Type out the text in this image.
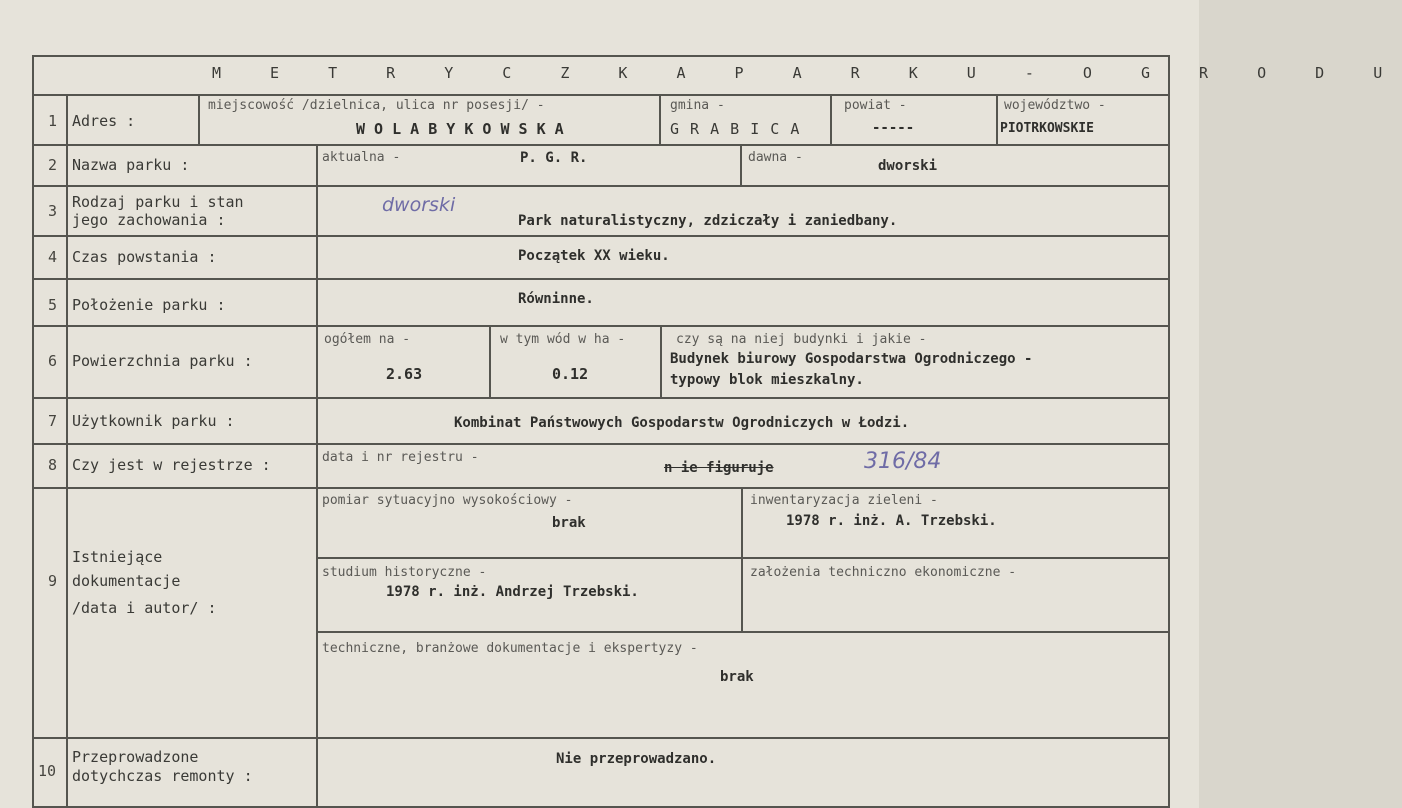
M E T R Y C Z K A P A R K U - O G R O D U
1 Adres :
miejscowość /dzielnica, ulica nr posesji/ -
W O L A B Y K O W S K A
gmina -
G R A B I C A
powiat -
-----
województwo -
PIOTRKOWSKIE
2 Nazwa parku :	aktualna -	P. G. R.	dawna -
dworski
3 Rodzaj parku i stan
jego zachowania :
dworski
Park naturalistyczny, zdziczały i zaniedbany.
4 Czas powstania :	Początek XX wieku.
5 Położenie parku :	Równinne.
6 Powierzchnia parku :
ogółem na -
2.63
w tym wód w ha -
0.12
czy są na niej budynki i jakie -
Budynek biurowy Gospodarstwa Ogrodniczego -
typowy blok mieszkalny.
7 Użytkownik parku :	Kombinat Państwowych Gospodarstw Ogrodniczych w Łodzi.
8 Czy jest w rejestrze :	data i nr rejestru -
n ie figuruje	316/84
9
Istniejące
dokumentacje
/data i autor/ :
pomiar sytuacyjno wysokościowy -
brak
inwentaryzacja zieleni -
1978 r. inż. A. Trzebski.
studium historyczne -
1978 r. inż. Andrzej Trzebski.
założenia techniczno ekonomiczne -
techniczne, branżowe dokumentacje i ekspertyzy -
brak
10
Przeprowadzone
dotychczas remonty :
Nie przeprowadzano.
